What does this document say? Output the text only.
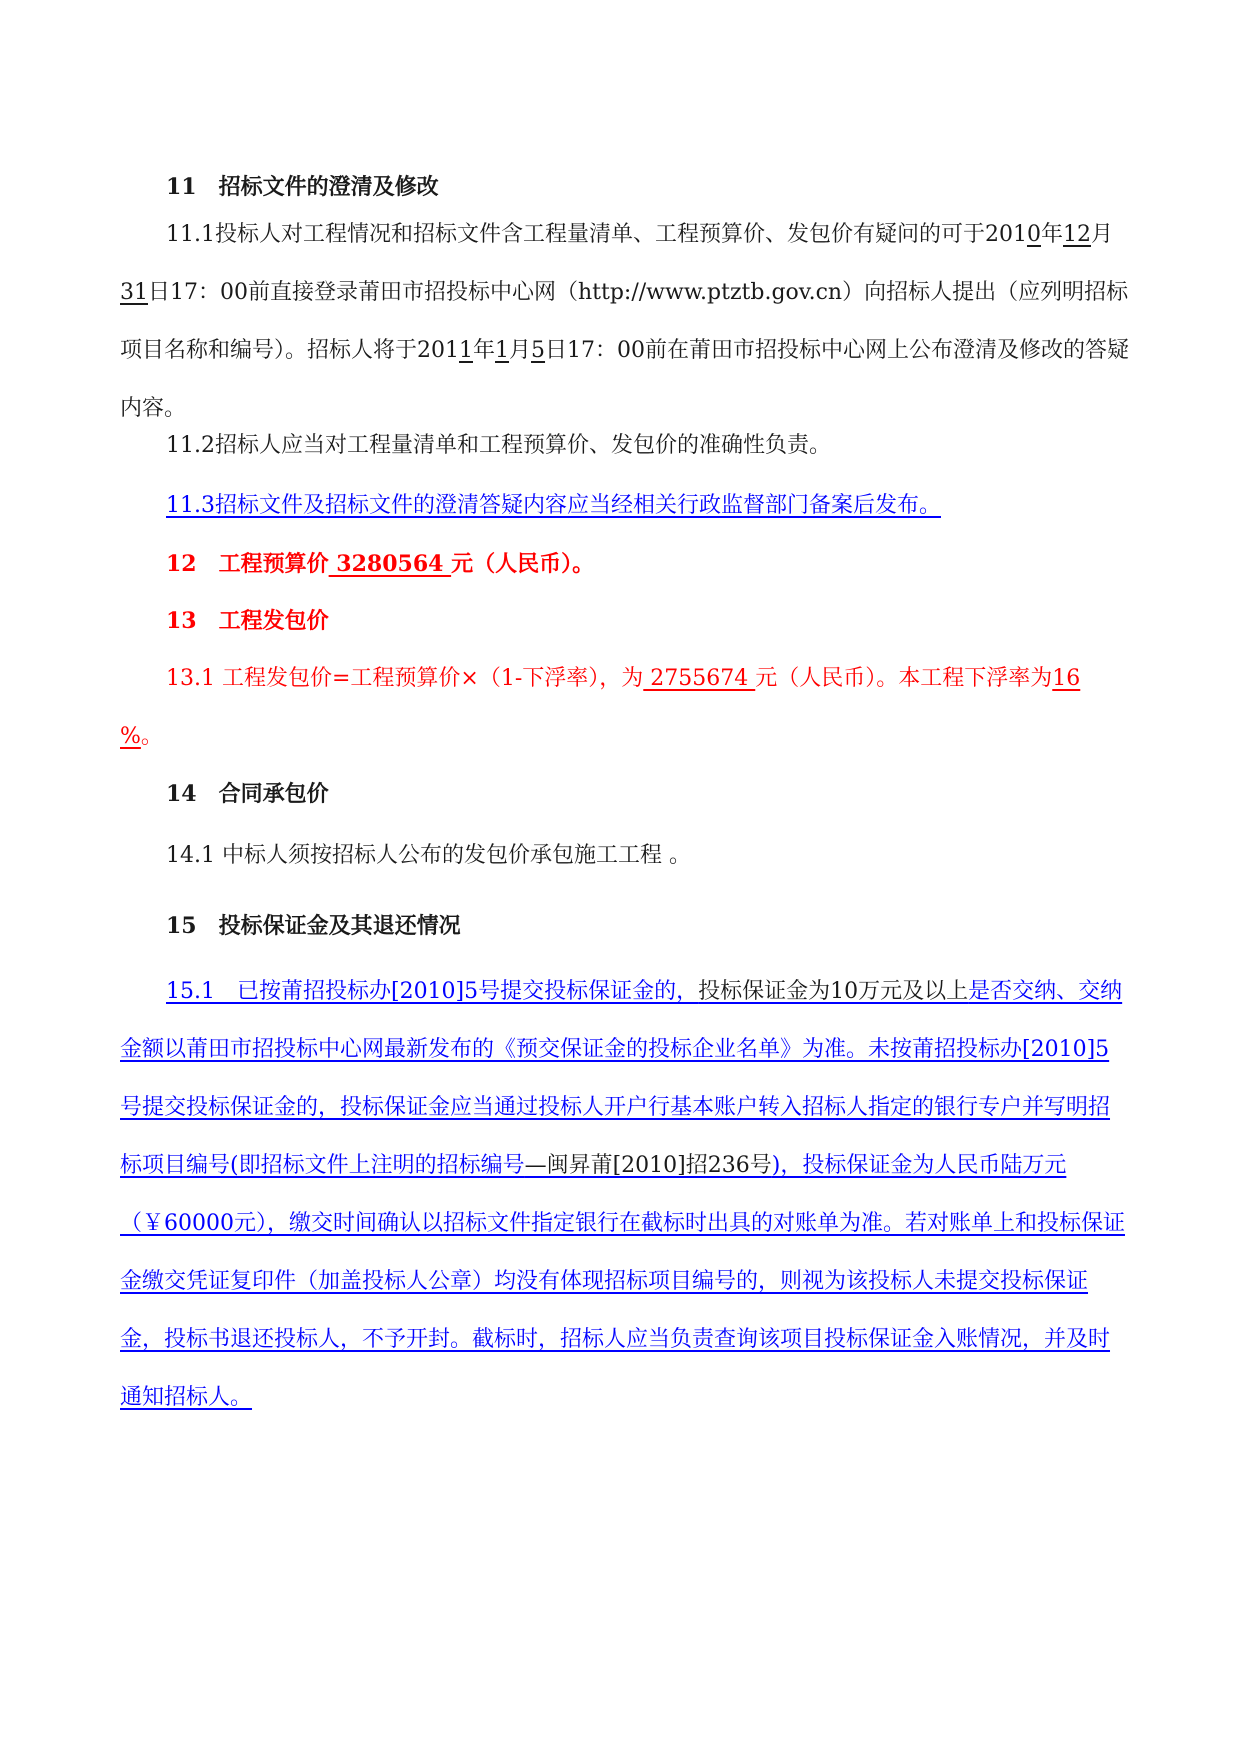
11　招标文件的澄清及修改

11.1投标人对工程情况和招标文件含工程量清单、工程预算价、发包价有疑问的可于2010年12月31日17：00前直接登录莆田市招投标中心网（http://www.ptztb.gov.cn）向招标人提出（应列明招标项目名称和编号）。招标人将于2011年1月5日17：00前在莆田市招投标中心网上公布澄清及修改的答疑内容。

11.2招标人应当对工程量清单和工程预算价、发包价的准确性负责。

11.3招标文件及招标文件的澄清答疑内容应当经相关行政监督部门备案后发布。

12　工程预算价 3280564 元（人民币）。

13　工程发包价

13.1 工程发包价=工程预算价×（1-下浮率），为 2755674 元（人民币）。本工程下浮率为16 %。

14　合同承包价

14.1 中标人须按招标人公布的发包价承包施工工程 。

15　投标保证金及其退还情况

15.1　已按莆招投标办[2010]5号提交投标保证金的，投标保证金为10万元及以上是否交纳、交纳金额以莆田市招投标中心网最新发布的《预交保证金的投标企业名单》为准。未按莆招投标办[2010]5号提交投标保证金的，投标保证金应当通过投标人开户行基本账户转入招标人指定的银行专户并写明招标项目编号(即招标文件上注明的招标编号—闽昇莆[2010]招236号)，投标保证金为人民币陆万元（￥60000元），缴交时间确认以招标文件指定银行在截标时出具的对账单为准。若对账单上和投标保证金缴交凭证复印件（加盖投标人公章）均没有体现招标项目编号的，则视为该投标人未提交投标保证金，投标书退还投标人，不予开封。截标时，招标人应当负责查询该项目投标保证金入账情况，并及时通知招标人。
